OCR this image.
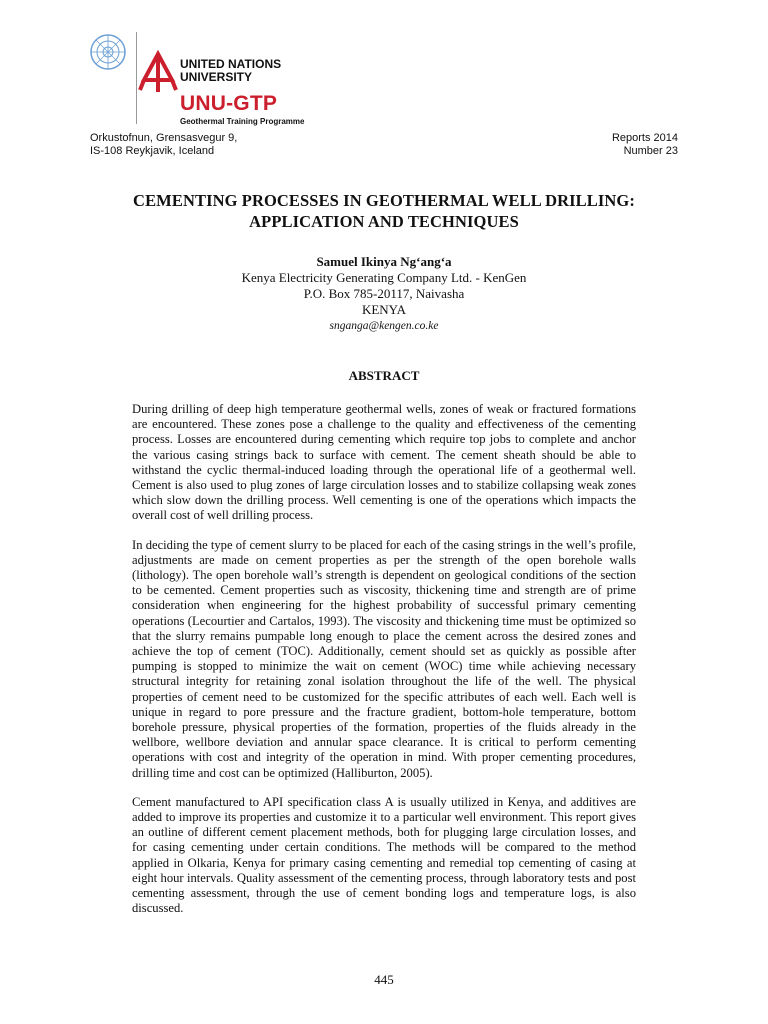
UNITED NATIONS
UNIVERSITY
UNU-GTP
Geothermal Training Programme
Orkustofnun, Grensasvegur 9,
IS-108 Reykjavik, Iceland
Reports 2014
Number 23
CEMENTING PROCESSES IN GEOTHERMAL WELL DRILLING:
APPLICATION AND TECHNIQUES
Samuel Ikinya Ng‘ang‘a
Kenya Electricity Generating Company Ltd. - KenGen
P.O. Box 785-20117, Naivasha
KENYA
snganga@kengen.co.ke
ABSTRACT

During drilling of deep high temperature geothermal wells, zones of weak or fractured formations are encountered. These zones pose a challenge to the quality and effectiveness of the cementing process. Losses are encountered during cementing which require top jobs to complete and anchor the various casing strings back to surface with cement. The cement sheath should be able to withstand the cyclic thermal-induced loading through the operational life of a geothermal well. Cement is also used to plug zones of large circulation losses and to stabilize collapsing weak zones which slow down the drilling process. Well cementing is one of the operations which impacts the overall cost of well drilling process.

In deciding the type of cement slurry to be placed for each of the casing strings in the well’s profile, adjustments are made on cement properties as per the strength of the open borehole walls (lithology). The open borehole wall’s strength is dependent on geological conditions of the section to be cemented. Cement properties such as viscosity, thickening time and strength are of prime consideration when engineering for the highest probability of successful primary cementing operations (Lecourtier and Cartalos, 1993). The viscosity and thickening time must be optimized so that the slurry remains pumpable long enough to place the cement across the desired zones and achieve the top of cement (TOC). Additionally, cement should set as quickly as possible after pumping is stopped to minimize the wait on cement (WOC) time while achieving necessary structural integrity for retaining zonal isolation throughout the life of the well. The physical properties of cement need to be customized for the specific attributes of each well. Each well is unique in regard to pore pressure and the fracture gradient, bottom-hole temperature, bottom borehole pressure, physical properties of the formation, properties of the fluids already in the wellbore, wellbore deviation and annular space clearance. It is critical to perform cementing operations with cost and integrity of the operation in mind. With proper cementing procedures, drilling time and cost can be optimized (Halliburton, 2005).

Cement manufactured to API specification class A is usually utilized in Kenya, and additives are added to improve its properties and customize it to a particular well environment. This report gives an outline of different cement placement methods, both for plugging large circulation losses, and for casing cementing under certain conditions. The methods will be compared to the method applied in Olkaria, Kenya for primary casing cementing and remedial top cementing of casing at eight hour intervals. Quality assessment of the cementing process, through laboratory tests and post cementing assessment, through the use of cement bonding logs and temperature logs, is also discussed.

445
